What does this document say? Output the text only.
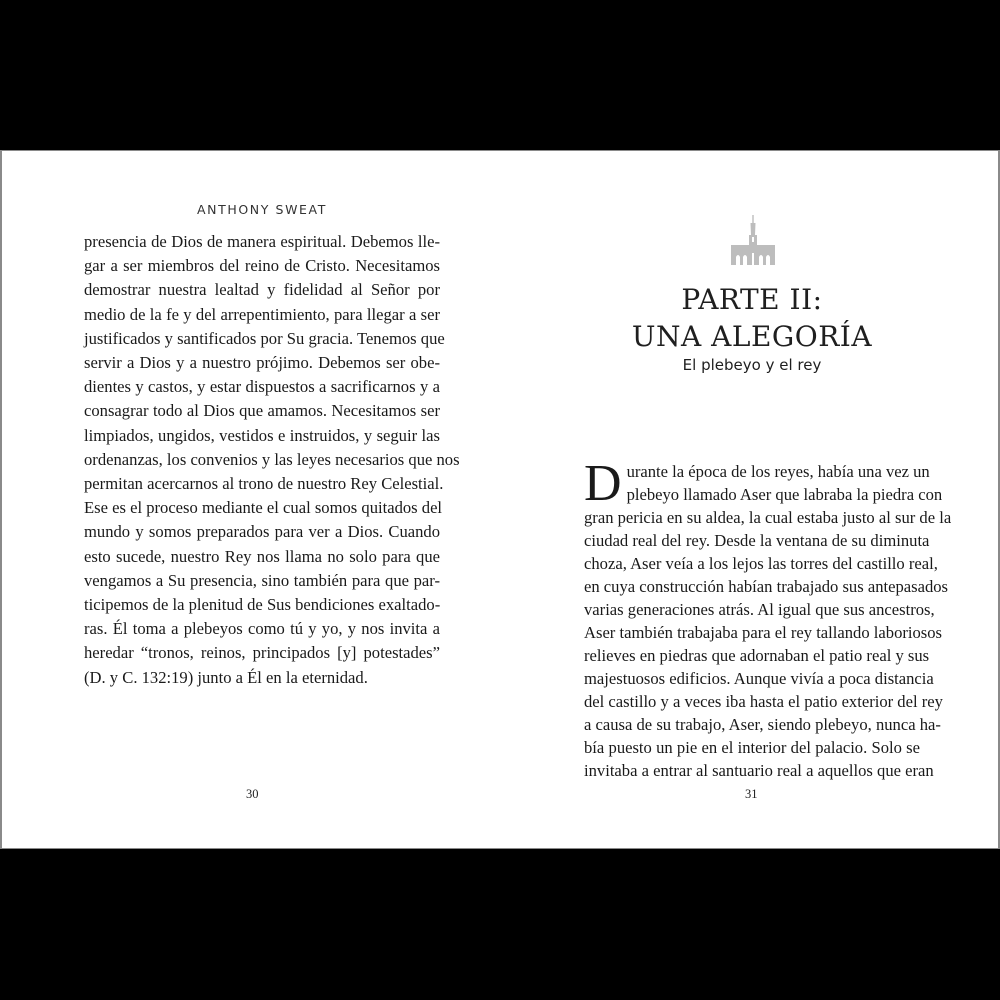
ANTHONY SWEAT
presencia de Dios de manera espiritual. Debemos lle-
gar a ser miembros del reino de Cristo. Necesitamos
demostrar nuestra lealtad y fidelidad al Señor por
medio de la fe y del arrepentimiento, para llegar a ser
justificados y santificados por Su gracia. Tenemos que
servir a Dios y a nuestro prójimo. Debemos ser obe-
dientes y castos, y estar dispuestos a sacrificarnos y a
consagrar todo al Dios que amamos. Necesitamos ser
limpiados, ungidos, vestidos e instruidos, y seguir las
ordenanzas, los convenios y las leyes necesarios que nos
permitan acercarnos al trono de nuestro Rey Celestial.
Ese es el proceso mediante el cual somos quitados del
mundo y somos preparados para ver a Dios. Cuando
esto sucede, nuestro Rey nos llama no solo para que
vengamos a Su presencia, sino también para que par-
ticipemos de la plenitud de Sus bendiciones exaltado-
ras. Él toma a plebeyos como tú y yo, y nos invita a
heredar “tronos, reinos, principados [y] potestades”
(D. y C. 132:19) junto a Él en la eternidad.
30
PARTE II:
UNA ALEGORÍA
El plebeyo y el rey
D urante la época de los reyes, había una vez un
plebeyo llamado Aser que labraba la piedra con
gran pericia en su aldea, la cual estaba justo al sur de la
ciudad real del rey. Desde la ventana de su diminuta
choza, Aser veía a los lejos las torres del castillo real,
en cuya construcción habían trabajado sus antepasados
varias generaciones atrás. Al igual que sus ancestros,
Aser también trabajaba para el rey tallando laboriosos
relieves en piedras que adornaban el patio real y sus
majestuosos edificios. Aunque vivía a poca distancia
del castillo y a veces iba hasta el patio exterior del rey
a causa de su trabajo, Aser, siendo plebeyo, nunca ha-
bía puesto un pie en el interior del palacio. Solo se
invitaba a entrar al santuario real a aquellos que eran
31
